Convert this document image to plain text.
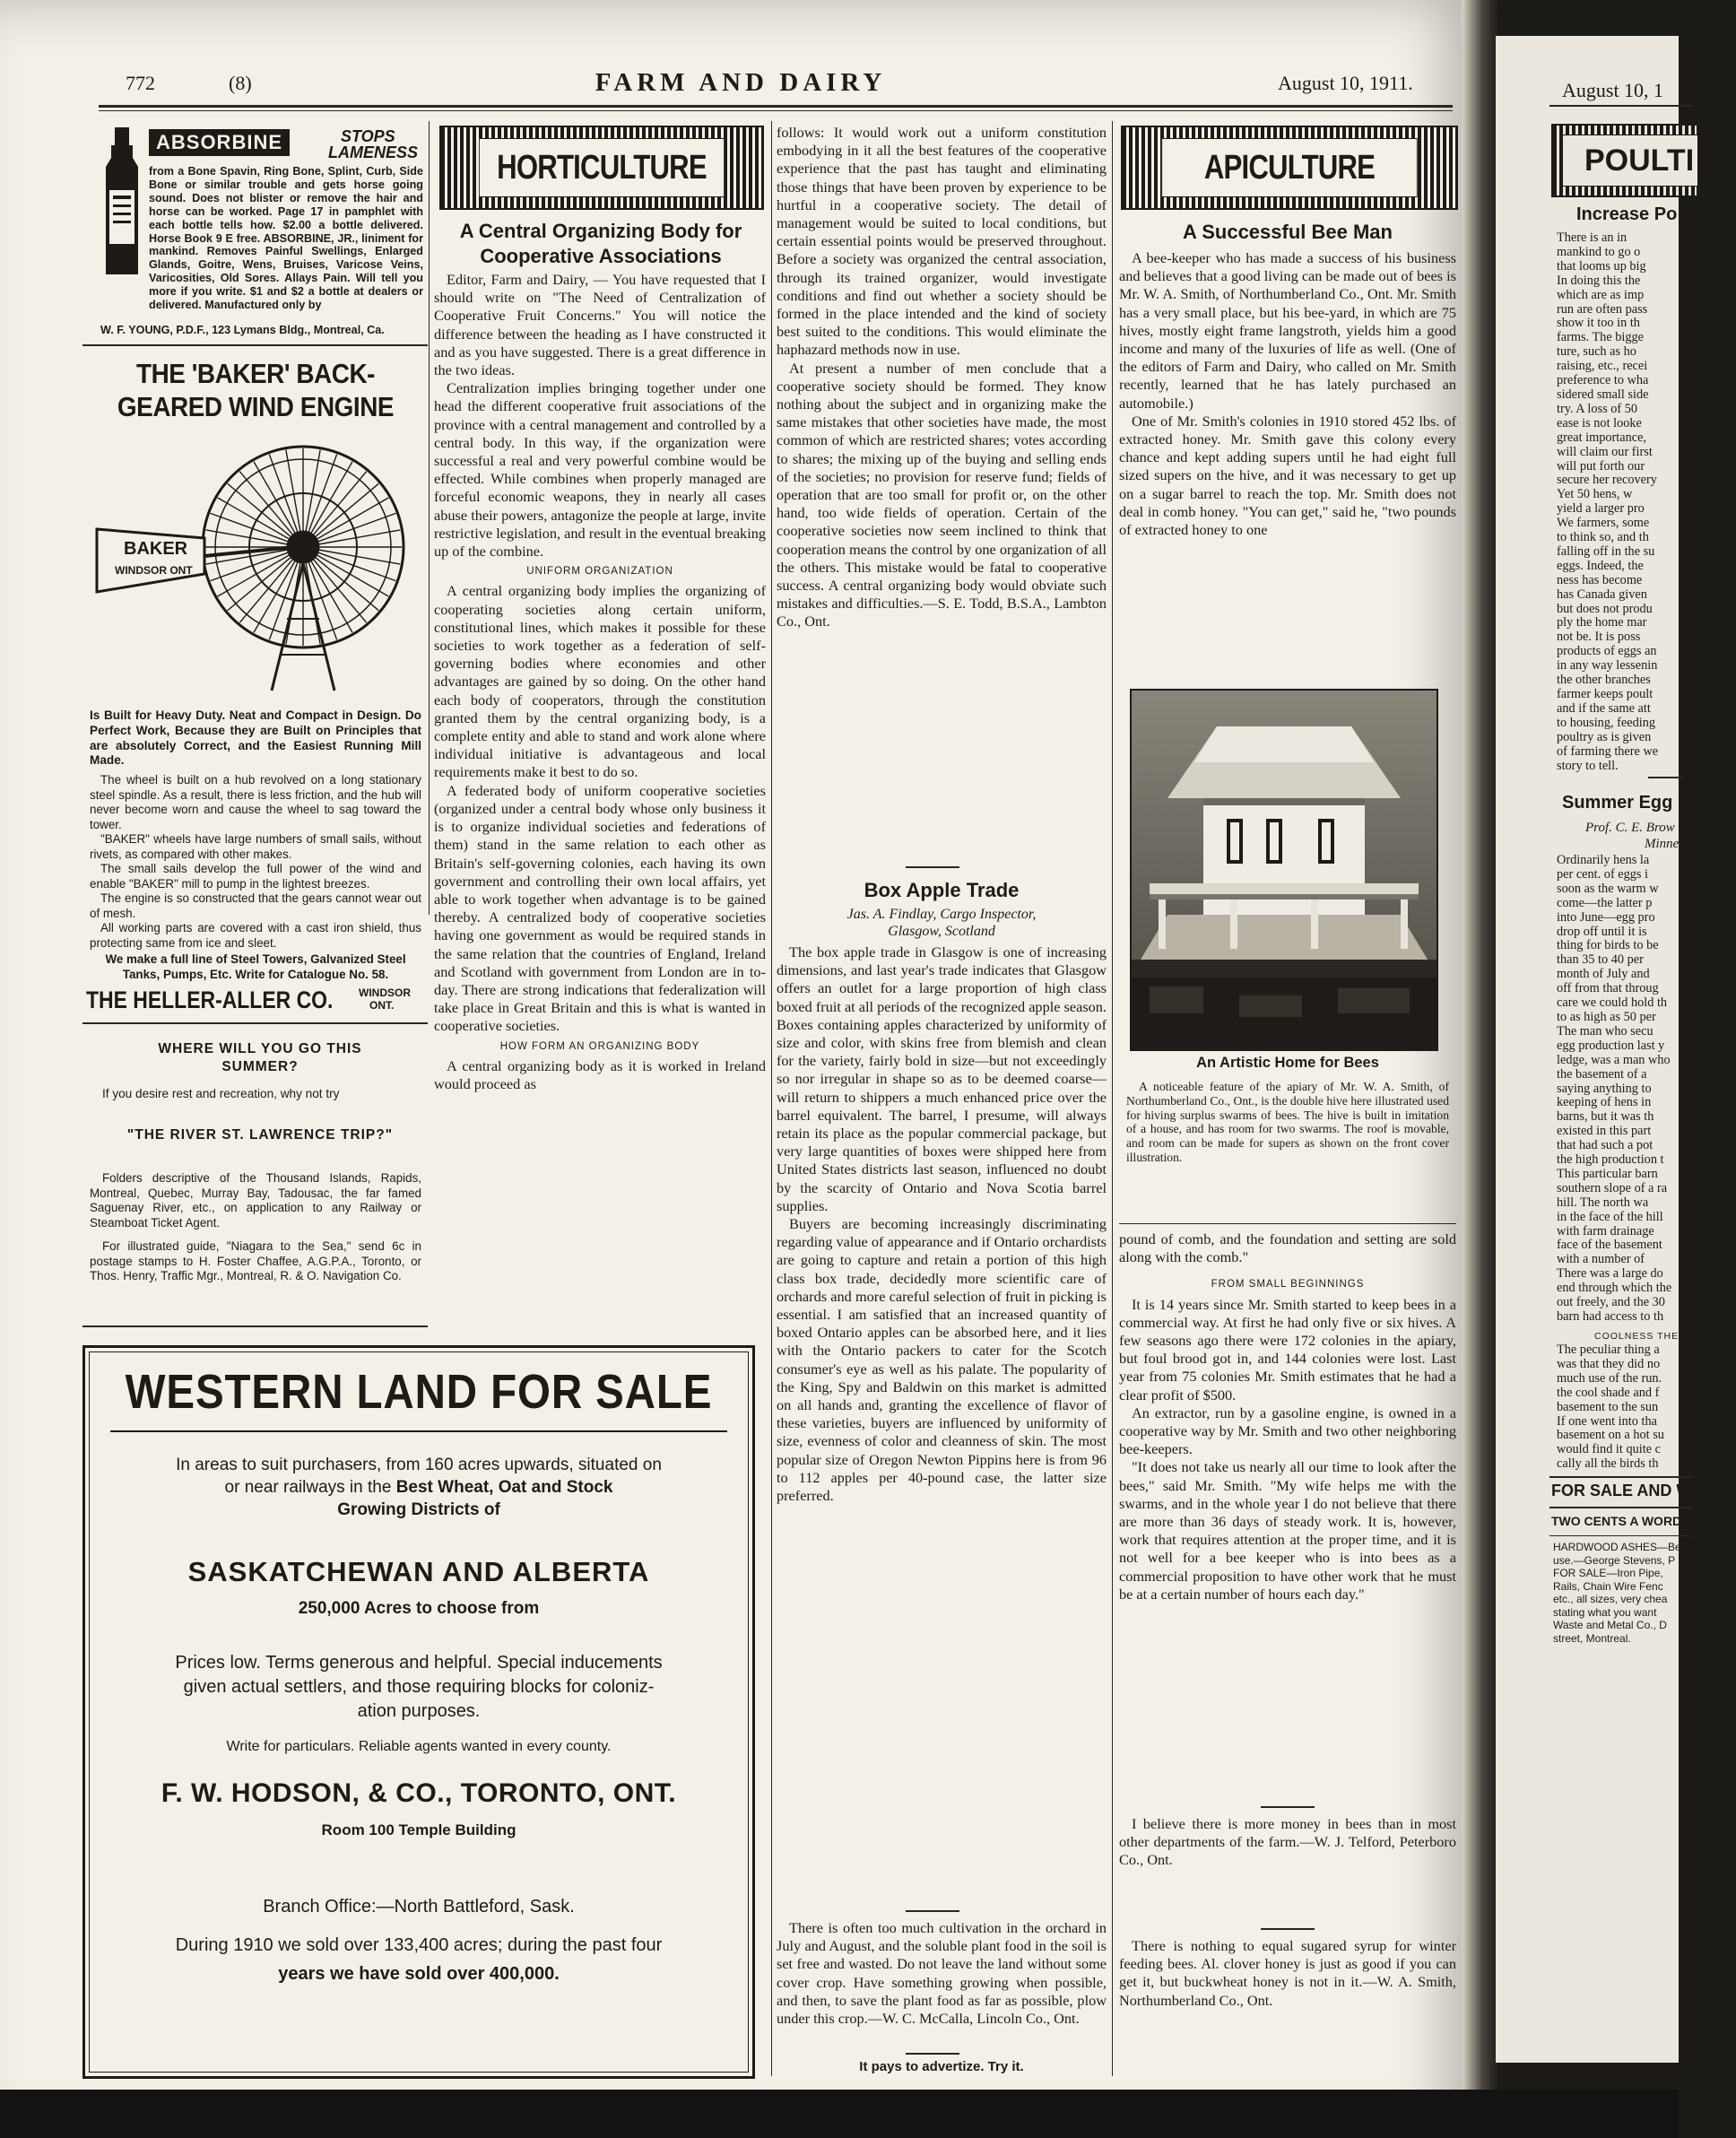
772	(8)	FARM AND DAIRY	August 10, 1911.
ABSORBINE	STOPS
LAMENESS
from a Bone Spavin, Ring Bone, Splint, Curb, Side Bone or similar trouble and gets horse going sound. Does not blister or remove the hair and horse can be worked. Page 17 in pamphlet with each bottle tells how. $2.00 a bottle delivered. Horse Book 9 E free. ABSORBINE, JR., liniment for mankind. Removes Painful Swellings, Enlarged Glands, Goitre, Wens, Bruises, Varicose Veins, Varicosities, Old Sores. Allays Pain. Will tell you more if you write. $1 and $2 a bottle at dealers or delivered. Manufactured only by
W. F. YOUNG, P.D.F., 123 Lymans Bldg., Montreal, Ca.
THE 'BAKER' BACK-GEARED WIND ENGINE
BAKER
WINDSOR ONT
Is Built for Heavy Duty. Neat and Compact in Design. Do Perfect Work, Because they are Built on Principles that are absolutely Correct, and the Easiest Running Mill Made.

The wheel is built on a hub revolved on a long stationary steel spindle. As a result, there is less friction, and the hub will never become worn and cause the wheel to sag toward the tower.

"BAKER" wheels have large numbers of small sails, without rivets, as compared with other makes.

The small sails develop the full power of the wind and enable "BAKER" mill to pump in the lightest breezes.

The engine is so constructed that the gears cannot wear out of mesh.

All working parts are covered with a cast iron shield, thus protecting same from ice and sleet.

We make a full line of Steel Towers, Galvanized Steel Tanks, Pumps, Etc. Write for Catalogue No. 58.

THE HELLER-ALLER CO. WINDSOR
ONT.
WHERE WILL YOU GO THIS SUMMER?
If you desire rest and recreation, why not try
"THE RIVER ST. LAWRENCE TRIP?"
Folders descriptive of the Thousand Islands, Rapids, Montreal, Quebec, Murray Bay, Tadousac, the far famed Saguenay River, etc., on application to any Railway or Steamboat Ticket Agent.
For illustrated guide, "Niagara to the Sea," send 6c in postage stamps to H. Foster Chaffee, A.G.P.A., Toronto, or Thos. Henry, Traffic Mgr., Montreal, R. & O. Navigation Co.
WESTERN LAND FOR SALE
In areas to suit purchasers, from 160 acres upwards, situated on
or near railways in the Best Wheat, Oat and Stock
Growing Districts of
SASKATCHEWAN AND ALBERTA
250,000 Acres to choose from
Prices low. Terms generous and helpful. Special inducements
given actual settlers, and those requiring blocks for coloniz-
ation purposes.
Write for particulars. Reliable agents wanted in every county.
F. W. HODSON, & CO., TORONTO, ONT.
Room 100 Temple Building
Branch Office:—North Battleford, Sask.
During 1910 we sold over 133,400 acres; during the past four
years we have sold over 400,000.
HORTICULTURE
A Central Organizing Body for Cooperative Associations

Editor, Farm and Dairy, — You have requested that I should write on "The Need of Centralization of Cooperative Fruit Concerns." You will notice the difference between the heading as I have constructed it and as you have suggested. There is a great difference in the two ideas.

Centralization implies bringing together under one head the different cooperative fruit associations of the province with a central management and controlled by a central body. In this way, if the organization were successful a real and very powerful combine would be effected. While combines when properly managed are forceful economic weapons, they in nearly all cases abuse their powers, antagonize the people at large, invite restrictive legislation, and result in the eventual breaking up of the combine.

UNIFORM ORGANIZATION

A central organizing body implies the organizing of cooperating societies along certain uniform, constitutional lines, which makes it possible for these societies to work together as a federation of self-governing bodies where economies and other advantages are gained by so doing. On the other hand each body of cooperators, through the constitution granted them by the central organizing body, is a complete entity and able to stand and work alone where individual initiative is advantageous and local requirements make it best to do so.

A federated body of uniform cooperative societies (organized under a central body whose only business it is to organize individual societies and federations of them) stand in the same relation to each other as Britain's self-governing colonies, each having its own government and controlling their own local affairs, yet able to work together when advantage is to be gained thereby. A centralized body of cooperative societies having one government as would be required stands in the same relation that the countries of England, Ireland and Scotland with government from London are in to-day. There are strong indications that federalization will take place in Great Britain and this is what is wanted in cooperative societies.

HOW FORM AN ORGANIZING BODY

A central organizing body as it is worked in Ireland would proceed as

follows: It would work out a uniform constitution embodying in it all the best features of the cooperative experience that the past has taught and eliminating those things that have been proven by experience to be hurtful in a cooperative society. The detail of management would be suited to local conditions, but certain essential points would be preserved throughout. Before a society was organized the central association, through its trained organizer, would investigate conditions and find out whether a society should be formed in the place intended and the kind of society best suited to the conditions. This would eliminate the haphazard methods now in use.

At present a number of men conclude that a cooperative society should be formed. They know nothing about the subject and in organizing make the same mistakes that other societies have made, the most common of which are restricted shares; votes according to shares; the mixing up of the buying and selling ends of the societies; no provision for reserve fund; fields of operation that are too small for profit or, on the other hand, too wide fields of operation. Certain of the cooperative societies now seem inclined to think that cooperation means the control by one organization of all the others. This mistake would be fatal to cooperative success. A central organizing body would obviate such mistakes and difficulties.—S. E. Todd, B.S.A., Lambton Co., Ont.

Box Apple Trade
Jas. A. Findlay, Cargo Inspector,
Glasgow, Scotland

The box apple trade in Glasgow is one of increasing dimensions, and last year's trade indicates that Glasgow offers an outlet for a large proportion of high class boxed fruit at all periods of the recognized apple season. Boxes containing apples characterized by uniformity of size and color, with skins free from blemish and clean for the variety, fairly bold in size—but not exceedingly so nor irregular in shape so as to be deemed coarse—will return to shippers a much enhanced price over the barrel equivalent. The barrel, I presume, will always retain its place as the popular commercial package, but very large quantities of boxes were shipped here from United States districts last season, influenced no doubt by the scarcity of Ontario and Nova Scotia barrel supplies.

Buyers are becoming increasingly discriminating regarding value of appearance and if Ontario orchardists are going to capture and retain a portion of this high class box trade, decidedly more scientific care of orchards and more careful selection of fruit in picking is essential. I am satisfied that an increased quantity of boxed Ontario apples can be absorbed here, and it lies with the Ontario packers to cater for the Scotch consumer's eye as well as his palate. The popularity of the King, Spy and Baldwin on this market is admitted on all hands and, granting the excellence of flavor of these varieties, buyers are influenced by uniformity of size, evenness of color and cleanness of skin. The most popular size of Oregon Newton Pippins here is from 96 to 112 apples per 40-pound case, the latter size preferred.

There is often too much cultivation in the orchard in July and August, and the soluble plant food in the soil is set free and wasted. Do not leave the land without some cover crop. Have something growing when possible, and then, to save the plant food as far as possible, plow under this crop.—W. C. McCalla, Lincoln Co., Ont.

It pays to advertize. Try it.
APICULTURE
A Successful Bee Man

A bee-keeper who has made a success of his business and believes that a good living can be made out of bees is Mr. W. A. Smith, of Northumberland Co., Ont. Mr. Smith has a very small place, but his bee-yard, in which are 75 hives, mostly eight frame langstroth, yields him a good income and many of the luxuries of life as well. (One of the editors of Farm and Dairy, who called on Mr. Smith recently, learned that he has lately purchased an automobile.)

One of Mr. Smith's colonies in 1910 stored 452 lbs. of extracted honey. Mr. Smith gave this colony every chance and kept adding supers until he had eight full sized supers on the hive, and it was necessary to get up on a sugar barrel to reach the top. Mr. Smith does not deal in comb honey. "You can get," said he, "two pounds of extracted honey to one

An Artistic Home for Bees
A noticeable feature of the apiary of Mr. W. A. Smith, of Northumberland Co., Ont., is the double hive here illustrated used for hiving surplus swarms of bees. The hive is built in imitation of a house, and has room for two swarms. The roof is movable, and room can be made for supers as shown on the front cover illustration.

pound of comb, and the foundation and setting are sold along with the comb."

FROM SMALL BEGINNINGS

It is 14 years since Mr. Smith started to keep bees in a commercial way. At first he had only five or six hives. A few seasons ago there were 172 colonies in the apiary, but foul brood got in, and 144 colonies were lost. Last year from 75 colonies Mr. Smith estimates that he had a clear profit of $500.

An extractor, run by a gasoline engine, is owned in a cooperative way by Mr. Smith and two other neighboring bee-keepers.

"It does not take us nearly all our time to look after the bees," said Mr. Smith. "My wife helps me with the swarms, and in the whole year I do not believe that there are more than 36 days of steady work. It is, however, work that requires attention at the proper time, and it is not well for a bee keeper who is into bees as a commercial proposition to have other work that he must be at a certain number of hours each day."

I believe there is more money in bees than in most other departments of the farm.—W. J. Telford, Peterboro Co., Ont.

There is nothing to equal sugared syrup for winter feeding bees. Al. clover honey is just as good if you can get it, but buckwheat honey is not in it.—W. A. Smith, Northumberland Co., Ont.

August 10, 1
POULTI
Increase Po
There is an in
mankind to go o
that looms up big
In doing this the
which are as imp
run are often pass
show it too in th
farms. The bigge
ture, such as ho
raising, etc., recei
preference to wha
sidered small side
try. A loss of 50
ease is not looke
great importance,
will claim our first
will put forth our
secure her recovery
Yet 50 hens, w
yield a larger pro
We farmers, some
to think so, and th
falling off in the su
eggs. Indeed, the
ness has become
has Canada given
but does not produ
ply the home mar
not be. It is poss
products of eggs an
in any way lessenin
the other branches
farmer keeps poult
and if the same att
to housing, feeding
poultry as is given
of farming there we
story to tell.
Summer Egg
Prof. C. E. Brow
Minne
Ordinarily hens la
per cent. of eggs i
soon as the warm w
come—the latter p
into June—egg pro
drop off until it is
thing for birds to be
than 35 to 40 per
month of July and
off from that throug
care we could hold th
to as high as 50 per
The man who secu
egg production last y
ledge, was a man who
the basement of a
saying anything to
keeping of hens in
barns, but it was th
existed in this part
that had such a pot
the high production t
This particular barn
southern slope of a ra
hill. The north wa
in the face of the hill
with farm drainage
face of the basement
with a number of
There was a large do
end through which the
out freely, and the 30
barn had access to th
COOLNESS THE
The peculiar thing a
was that they did no
much use of the run.
the cool shade and f
basement to the sun
If one went into tha
basement on a hot su
would find it quite c
cally all the birds th
FOR SALE AND WANT
TWO CENTS A WORD CA
HARDWOOD ASHES—Be
use.—George Stevens, P
FOR SALE—Iron Pipe,
Rails, Chain Wire Fenc
etc., all sizes, very chea
stating what you want
Waste and Metal Co., D
street, Montreal.
